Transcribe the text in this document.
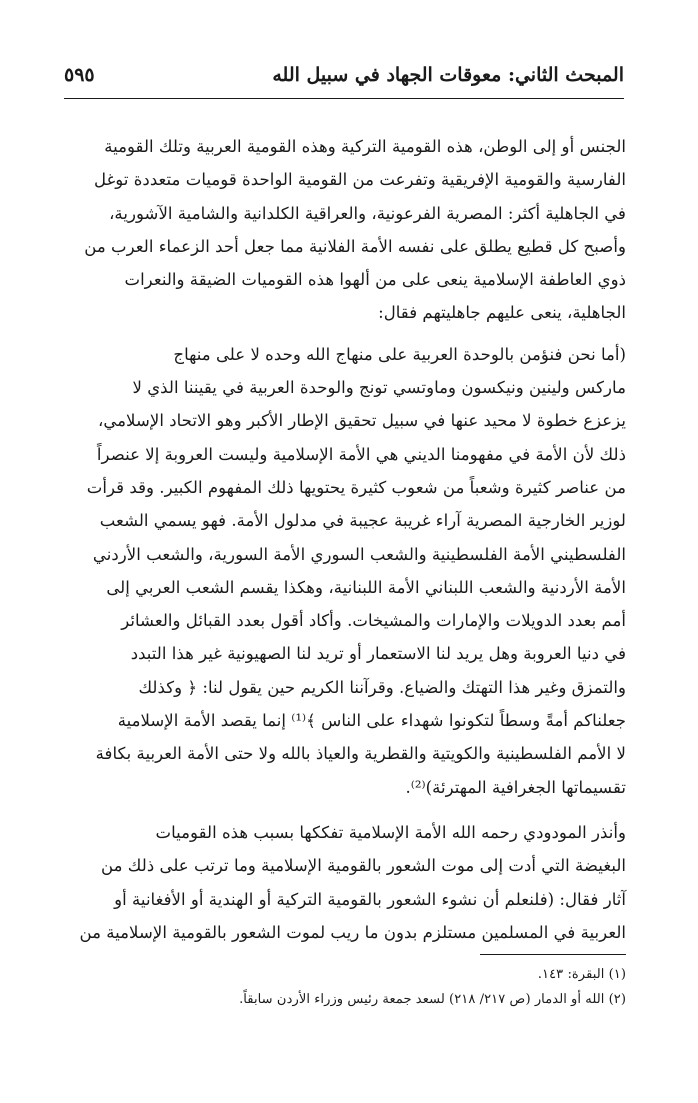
المبحث الثاني: معوقات الجهاد في سبيل الله
٥٩٥

الجنس أو إلى الوطن، هذه القومية التركية وهذه القومية العربية وتلك القومية
الفارسية والقومية الإفريقية وتفرعت من القومية الواحدة قوميات متعددة توغل
في الجاهلية أكثر: المصرية الفرعونية، والعراقية الكلدانية والشامية الآشورية،
وأصبح كل قطيع يطلق على نفسه الأمة الفلانية مما جعل أحد الزعماء العرب من
ذوي العاطفة الإسلامية ينعى على من ألهوا هذه القوميات الضيقة والنعرات
الجاهلية، ينعى عليهم جاهليتهم فقال:

(أما نحن فنؤمن بالوحدة العربية على منهاج الله وحده لا على منهاج
ماركس ولينين ونيكسون وماوتسي تونج والوحدة العربية في يقيننا الذي لا
يزعزع خطوة لا محيد عنها في سبيل تحقيق الإطار الأكبر وهو الاتحاد الإسلامي،
ذلك لأن الأمة في مفهومنا الديني هي الأمة الإسلامية وليست العروبة إلا عنصراً
من عناصر كثيرة وشعباً من شعوب كثيرة يحتويها ذلك المفهوم الكبير. وقد قرأت
لوزير الخارجية المصرية آراء غريبة عجيبة في مدلول الأمة. فهو يسمي الشعب
الفلسطيني الأمة الفلسطينية والشعب السوري الأمة السورية، والشعب الأردني
الأمة الأردنية والشعب اللبناني الأمة اللبنانية، وهكذا يقسم الشعب العربي إلى
أمم بعدد الدويلات والإمارات والمشيخات. وأكاد أقول بعدد القبائل والعشائر
في دنيا العروبة وهل يريد لنا الاستعمار أو تريد لنا الصهيونية غير هذا التبدد
والتمزق وغير هذا التهتك والضياع. وقرآننا الكريم حين يقول لنا: ﴿ وكذلك
جعلناكم أمةً وسطاً لتكونوا شهداء على الناس ﴾⁽¹⁾ إنما يقصد الأمة الإسلامية
لا الأمم الفلسطينية والكويتية والقطرية والعياذ بالله ولا حتى الأمة العربية بكافة
تقسيماتها الجغرافية المهترئة)⁽²⁾.

وأنذر المودودي رحمه الله الأمة الإسلامية تفككها بسبب هذه القوميات
البغيضة التي أدت إلى موت الشعور بالقومية الإسلامية وما ترتب على ذلك من
آثار فقال: (فلنعلم أن نشوء الشعور بالقومية التركية أو الهندية أو الأفغانية أو
العربية في المسلمين مستلزم بدون ما ريب لموت الشعور بالقومية الإسلامية من

(١) البقرة: ١٤٣.
(٢) الله أو الدمار (ص ٢١٧/ ٢١٨) لسعد جمعة رئيس وزراء الأردن سابقاً.
